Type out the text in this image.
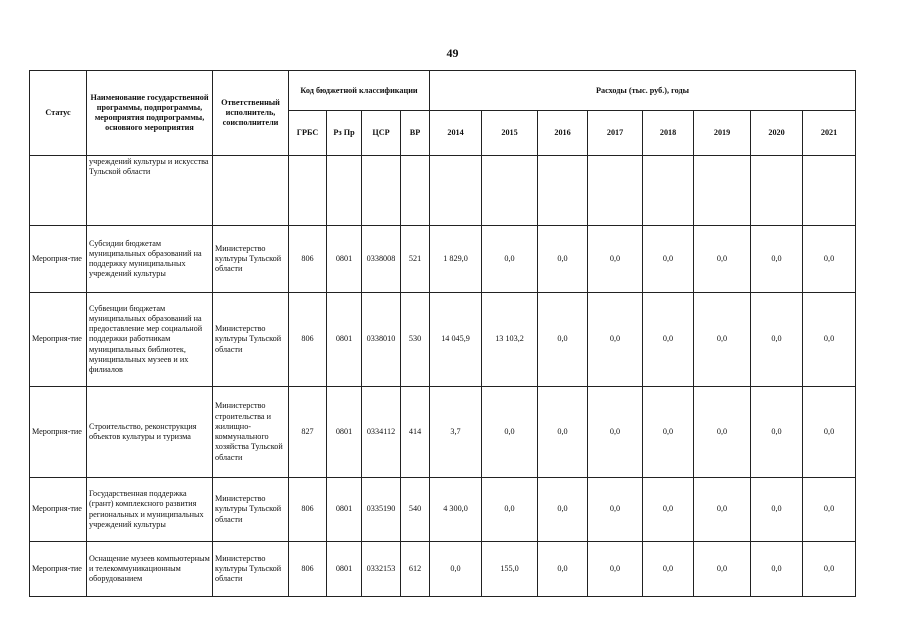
49
Статус	Наименование государственной программы, подпрограммы, мероприятия подпрограммы, основного мероприятия	Ответственный исполнитель, соисполнители	Код бюджетной классификации				Расходы (тыс. руб.), годы							
			ГРБС	Рз Пр	ЦСР	ВР	2014	2015	2016	2017	2018	2019	2020	2021
	учреждений культуры и искусства Тульской области													
Меропрня-тие	Субсидии бюджетам муниципальных образований на поддержку муниципальных учреждений культуры	Министерство культуры Тульской области	806	0801	0338008	521	1 829,0	0,0	0,0	0,0	0,0	0,0	0,0	0,0
Меропрня-тие	Субвенции бюджетам муниципальных образований на предоставление мер социальной поддержки работникам муниципальных библиотек, муниципальных музеев и их филиалов	Министерство культуры Тульской области	806	0801	0338010	530	14 045,9	13 103,2	0,0	0,0	0,0	0,0	0,0	0,0
Меропрня-тие	Строительство, реконструкция объектов культуры и туризма	Министерство строительства и жилищно-коммунального хозяйства Тульской области	827	0801	0334112	414	3,7	0,0	0,0	0,0	0,0	0,0	0,0	0,0
Меропрня-тие	Государственная поддержка (грант) комплексного развития региональных и муниципальных учреждений культуры	Министерство культуры Тульской области	806	0801	0335190	540	4 300,0	0,0	0,0	0,0	0,0	0,0	0,0	0,0
Меропрня-тие	Оснащение музеев компьютерным и телекоммуникационным оборудованием	Министерство культуры Тульской области	806	0801	0332153	612	0,0	155,0	0,0	0,0	0,0	0,0	0,0	0,0
